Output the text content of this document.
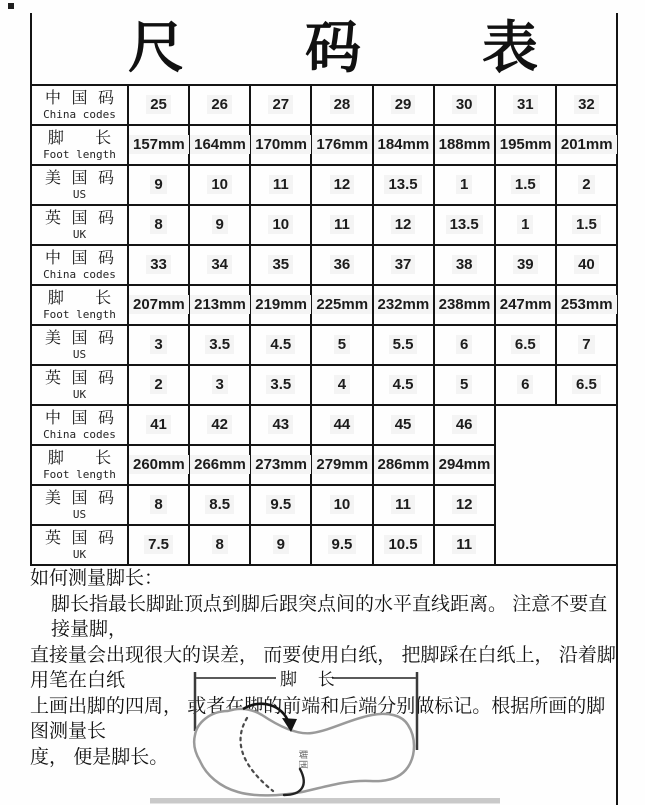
尺 码 表
中 国 码
China codes	25	26	27	28	29	30	31	32

脚   长
Foot length	157mm	164mm	170mm	176mm	184mm	188mm	195mm	201mm

美 国 码
US	9	10	11	12	13.5	1	1.5	2

英 国 码
UK	8	9	10	11	12	13.5	1	1.5

中 国 码
China codes	33	34	35	36	37	38	39	40

脚   长
Foot length	207mm	213mm	219mm	225mm	232mm	238mm	247mm	253mm

美 国 码
US	3	3.5	4.5	5	5.5	6	6.5	7

英 国 码
UK	2	3	3.5	4	4.5	5	6	6.5

中 国 码
China codes	41	42	43	44	45	46		

脚   长
Foot length	260mm	266mm	273mm	279mm	286mm	294mm		

美 国 码
US	8	8.5	9.5	10	11	12		

英 国 码
UK	7.5	8	9	9.5	10.5	11		
如何测量脚长：
脚长指最长脚趾顶点到脚后跟突点间的水平直线距离。 注意不要直接量脚，
直接量会出现很大的误差， 而要使用白纸， 把脚踩在白纸上， 沿着脚用笔在白纸
上画出脚的四周， 或者在脚的前端和后端分别做标记。根据所画的脚图测量长
度， 便是脚长。
脚 长
脚围
